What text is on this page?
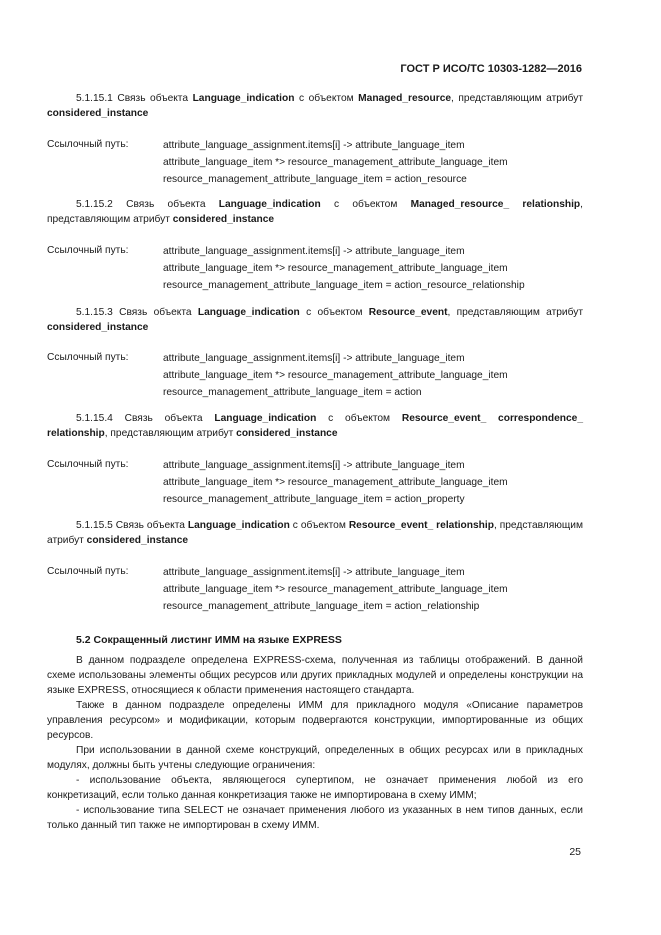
ГОСТ Р ИСО/ТС 10303-1282—2016

5.1.15.1 Связь объекта Language_indication с объектом Managed_resource, представляющим атрибут considered_instance

Ссылочный путь:	attribute_language_assignment.items[i] -> attribute_language_item
attribute_language_item *> resource_management_attribute_language_item
resource_management_attribute_language_item = action_resource

5.1.15.2 Связь объекта Language_indication с объектом Managed_resource_ relationship, представляющим атрибут considered_instance

Ссылочный путь:	attribute_language_assignment.items[i] -> attribute_language_item
attribute_language_item *> resource_management_attribute_language_item
resource_management_attribute_language_item = action_resource_relationship

5.1.15.3 Связь объекта Language_indication с объектом Resource_event, представляющим атрибут considered_instance

Ссылочный путь:	attribute_language_assignment.items[i] -> attribute_language_item
attribute_language_item *> resource_management_attribute_language_item
resource_management_attribute_language_item = action

5.1.15.4 Связь объекта Language_indication с объектом Resource_event_ correspondence_ relationship, представляющим атрибут considered_instance

Ссылочный путь:	attribute_language_assignment.items[i] -> attribute_language_item
attribute_language_item *> resource_management_attribute_language_item
resource_management_attribute_language_item = action_property

5.1.15.5 Связь объекта Language_indication с объектом Resource_event_ relationship, представляющим атрибут considered_instance

Ссылочный путь:	attribute_language_assignment.items[i] -> attribute_language_item
attribute_language_item *> resource_management_attribute_language_item
resource_management_attribute_language_item = action_relationship
5.2 Сокращенный листинг ИММ на языке EXPRESS

В данном подразделе определена EXPRESS-схема, полученная из таблицы отображений. В данной схеме использованы элементы общих ресурсов или других прикладных модулей и определены конструкции на языке EXPRESS, относящиеся к области применения настоящего стандарта.

Также в данном подразделе определены ИММ для прикладного модуля «Описание параметров управления ресурсом» и модификации, которым подвергаются конструкции, импортированные из общих ресурсов.

При использовании в данной схеме конструкций, определенных в общих ресурсах или в прикладных модулях, должны быть учтены следующие ограничения:

- использование объекта, являющегося супертипом, не означает применения любой из его конкретизаций, если только данная конкретизация также не импортирована в схему ИММ;

- использование типа SELECT не означает применения любого из указанных в нем типов данных, если только данный тип также не импортирован в схему ИММ.

25
